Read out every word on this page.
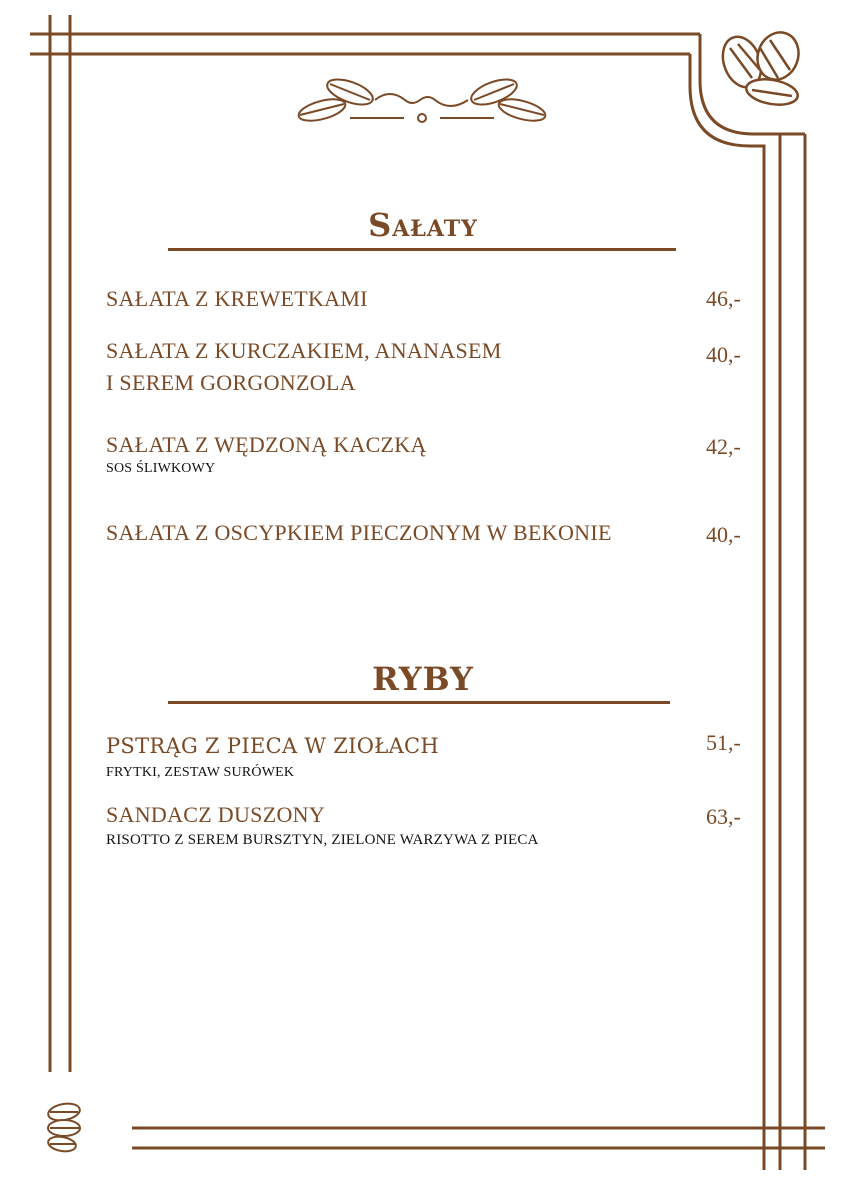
Sałaty
SAŁATA Z KREWETKAMI	46,-
SAŁATA Z KURCZAKIEM, ANANASEM
I SEREM GORGONZOLA
40,-
SAŁATA Z WĘDZONĄ KACZKĄ
SOS ŚLIWKOWY
42,-
SAŁATA Z OSCYPKIEM PIECZONYM W BEKONIE	40,-
RYBY
PSTRĄG Z PIECA W ZIOŁACH
FRYTKI, ZESTAW SURÓWEK
51,-
SANDACZ DUSZONY
RISOTTO Z SEREM BURSZTYN, ZIELONE WARZYWA Z PIECA
63,-
